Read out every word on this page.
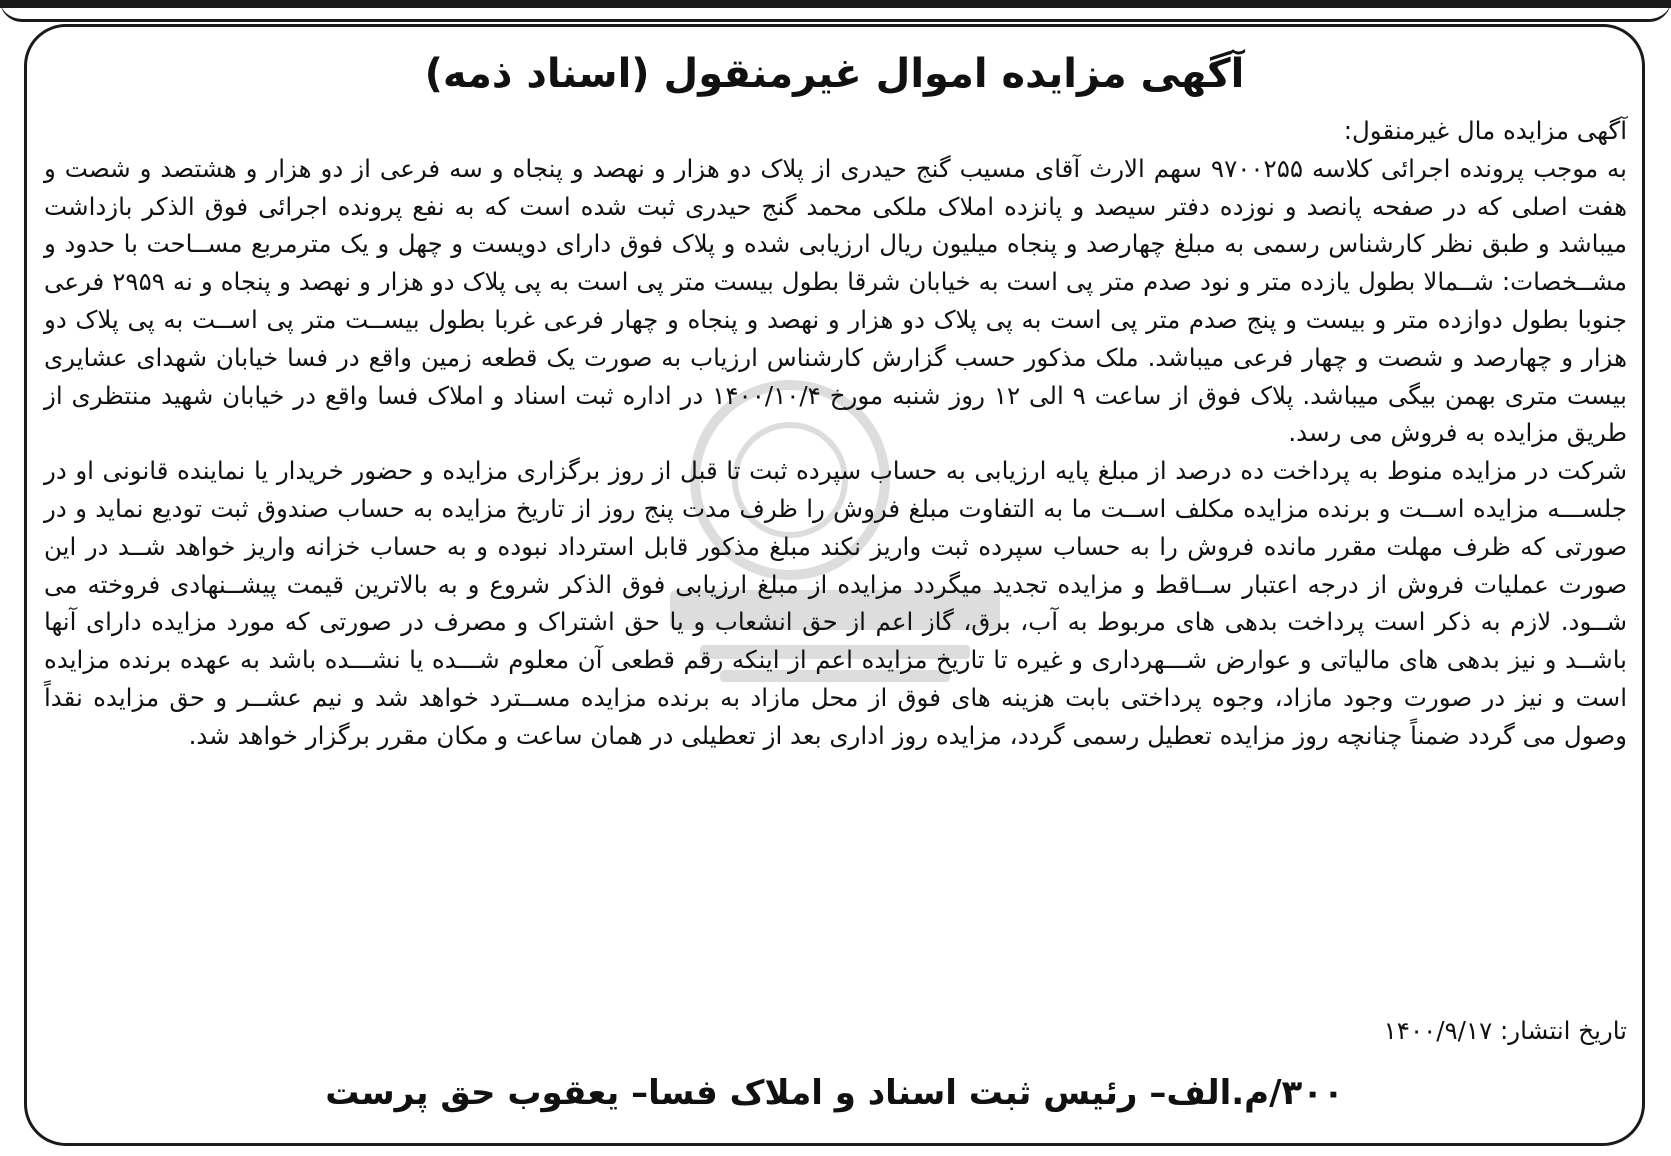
آگهی مزایده اموال غیرمنقول (اسناد ذمه)

آگهی مزایده مال غیرمنقول:

به موجب پرونده اجرائی کلاسه ۹۷۰۰۲۵۵ سهم الارث آقای مسیب گنج حیدری از پلاک دو هزار و نهصد و پنجاه و سه فرعی از دو هزار و هشتصد و شصت و هفت اصلی که در صفحه پانصد و نوزده دفتر سیصد و پانزده املاک ملکی محمد گنج حیدری ثبت شده است که به نفع پرونده اجرائی فوق الذکر بازداشت میباشد و طبق نظر کارشناس رسمی به مبلغ چهارصد و پنجاه میلیون ریال ارزیابی شده و پلاک فوق دارای دویست و چهل و یک مترمربع مســاحت با حدود و مشــخصات: شــمالا بطول یازده متر و نود صدم متر پی است به خیابان شرقا بطول بیست متر پی است به پی پلاک دو هزار و نهصد و پنجاه و نه ۲۹۵۹ فرعی جنوبا بطول دوازده متر و بیست و پنج صدم متر پی است به پی پلاک دو هزار و نهصد و پنجاه و چهار فرعی غربا بطول بیســت متر پی اســت به پی پلاک دو هزار و چهارصد و شصت و چهار فرعی میباشد. ملک مذکور حسب گزارش کارشناس ارزیاب به صورت یک قطعه زمین واقع در فسا خیابان شهدای عشایری بیست متری بهمن بیگی میباشد. پلاک فوق از ساعت ۹ الی ۱۲ روز شنبه مورخ ۱۴۰۰/۱۰/۴ در اداره ثبت اسناد و املاک فسا واقع در خیابان شهید منتظری از طریق مزایده به فروش می رسد.

شرکت در مزایده منوط به پرداخت ده درصد از مبلغ پایه ارزیابی به حساب سپرده ثبت تا قبل از روز برگزاری مزایده و حضور خریدار یا نماینده قانونی او در جلســـه مزایده اســت و برنده مزایده مکلف اســت ما به التفاوت مبلغ فروش را ظرف مدت پنج روز از تاریخ مزایده به حساب صندوق ثبت تودیع نماید و در صورتی که ظرف مهلت مقرر مانده فروش را به حساب سپرده ثبت واریز نکند مبلغ مذکور قابل استرداد نبوده و به حساب خزانه واریز خواهد شــد در این صورت عملیات فروش از درجه اعتبار ســاقط و مزایده تجدید میگردد مزایده از مبلغ ارزیابی فوق الذکر شروع و به بالاترین قیمت پیشــنهادی فروخته می شــود. لازم به ذکر است پرداخت بدهی های مربوط به آب، برق، گاز اعم از حق انشعاب و یا حق اشتراک و مصرف در صورتی که مورد مزایده دارای آنها باشــد و نیز بدهی های مالیاتی و عوارض شـــهرداری و غیره تا تاریخ مزایده اعم از اینکه رقم قطعی آن معلوم شـــده یا نشـــده باشد به عهده برنده مزایده است و نیز در صورت وجود مازاد، وجوه پرداختی بابت هزینه های فوق از محل مازاد به برنده مزایده مســترد خواهد شد و نیم عشــر و حق مزایده نقداً وصول می گردد ضمناً چنانچه روز مزایده تعطیل رسمی گردد، مزایده روز اداری بعد از تعطیلی در همان ساعت و مکان مقرر برگزار خواهد شد.

تاریخ انتشار: ۱۴۰۰/۹/۱۷
۳۰۰/م.الف– رئیس ثبت اسناد و املاک فسا– یعقوب حق پرست
